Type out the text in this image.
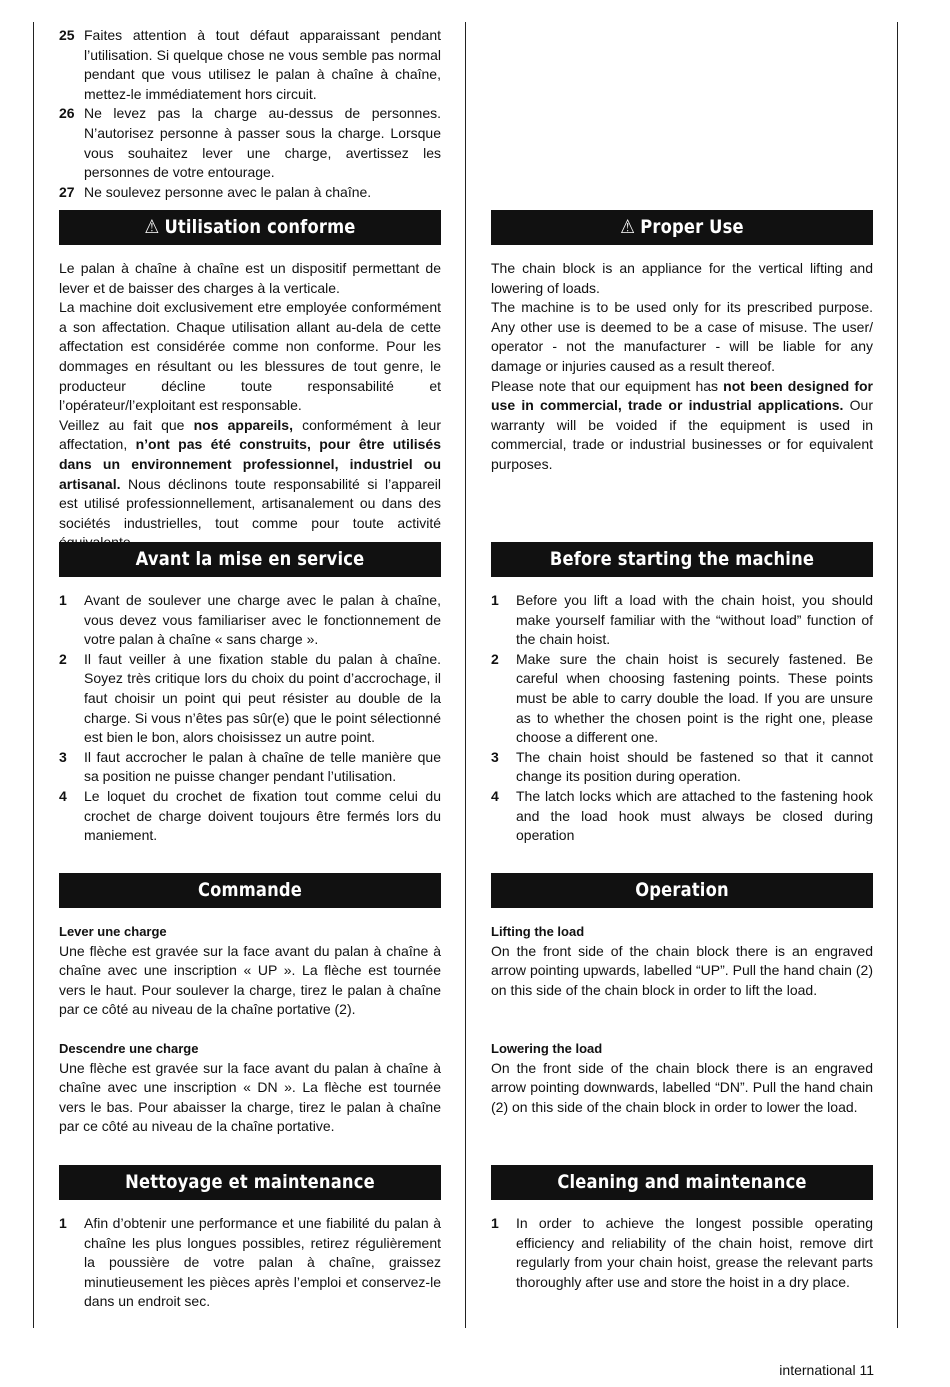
25 Faites attention à tout défaut apparaissant pendant l’utilisation. Si quelque chose ne vous semble pas normal pendant que vous utilisez le palan à chaîne à chaîne, mettez-le immédiatement hors circuit.
26 Ne levez pas la charge au-dessus de personnes. N’autorisez personne à passer sous la charge. Lorsque vous souhaitez lever une charge, avertissez les personnes de votre entourage.
27 Ne soulevez personne avec le palan à chaîne.
⚠ Utilisation conforme

Le palan à chaîne à chaîne est un dispositif permettant de lever et de baisser des charges à la verticale.

La machine doit exclusivement etre employée conformément a son affectation. Chaque utilisation allant au-dela de cette affectation est considérée comme non conforme. Pour les dommages en résultant ou les blessures de tout genre, le producteur décline toute responsabilité et l’opérateur/l’exploitant est responsable.

Veillez au fait que nos appareils, conformément à leur affectation, n’ont pas été construits, pour être utilisés dans un environnement professionnel, industriel ou artisanal. Nous déclinons toute responsabilité si l’appareil est utilisé professionnellement, artisanalement ou dans des sociétés industrielles, tout comme pour toute activité

Avant la mise en service
1 Avant de soulever une charge avec le palan à chaîne, vous devez vous familiariser avec le fonctionnement de votre palan à chaîne « sans charge ».
2 Il faut veiller à une fixation stable du palan à chaîne. Soyez très critique lors du choix du point d’accrochage, il faut choisir un point qui peut résister au double de la charge. Si vous n’êtes pas sûr(e) que le point sélectionné est bien le bon, alors choisissez un autre point.
3 Il faut accrocher le palan à chaîne de telle manière que sa position ne puisse changer pendant l’utilisation.
4 Le loquet du crochet de fixation tout comme celui du crochet de charge doivent toujours être fermés lors du maniement.
Commande
Lever une charge

Une flèche est gravée sur la face avant du palan à chaîne à chaîne avec une inscription « UP ». La flèche est tournée vers le haut. Pour soulever la charge, tirez le palan à chaîne par ce côté au niveau de la chaîne portative (2).

Descendre une charge

Une flèche est gravée sur la face avant du palan à chaîne à chaîne avec une inscription « DN ». La flèche est tournée vers le bas. Pour abaisser la charge, tirez le palan à chaîne par ce côté au niveau de la chaîne portative.

Nettoyage et maintenance
1 Afin d’obtenir une performance et une fiabilité du palan à chaîne les plus longues possibles, retirez régulièrement la poussière de votre palan à chaîne, graissez minutieusement les pièces après l’emploi et conservez-le dans un endroit sec.
⚠ Proper Use

The chain block is an appliance for the vertical lifting and lowering of loads.

The machine is to be used only for its prescribed purpose. Any other use is deemed to be a case of misuse. The user/ operator - not the manufacturer - will be liable for any damage or injuries caused as a result thereof.

Please note that our equipment has not been designed for use in commercial, trade or industrial applications. Our warranty will be voided if the equipment is used in commercial, trade or industrial businesses or for equivalent purposes.

Before starting the machine
1 Before you lift a load with the chain hoist, you should make yourself familiar with the “without load” function of the chain hoist.
2 Make sure the chain hoist is securely fastened. Be careful when choosing fastening points. These points must be able to carry double the load. If you are unsure as to whether the chosen point is the right one, please choose a different one.
3 The chain hoist should be fastened so that it cannot change its position during operation.
4 The latch locks which are attached to the fastening hook and the load hook must always be closed during operation
Operation
Lifting the load

On the front side of the chain block there is an engraved arrow pointing upwards, labelled “UP”. Pull the hand chain (2) on this side of the chain block in order to lift the load.

Lowering the load

On the front side of the chain block there is an engraved arrow pointing downwards, labelled “DN”. Pull the hand chain (2) on this side of the chain block in order to lower the load.

Cleaning and maintenance
1 In order to achieve the longest possible operating efficiency and reliability of the chain hoist, remove dirt regularly from your chain hoist, grease the relevant parts thoroughly after use and store the hoist in a dry place.
international 11
